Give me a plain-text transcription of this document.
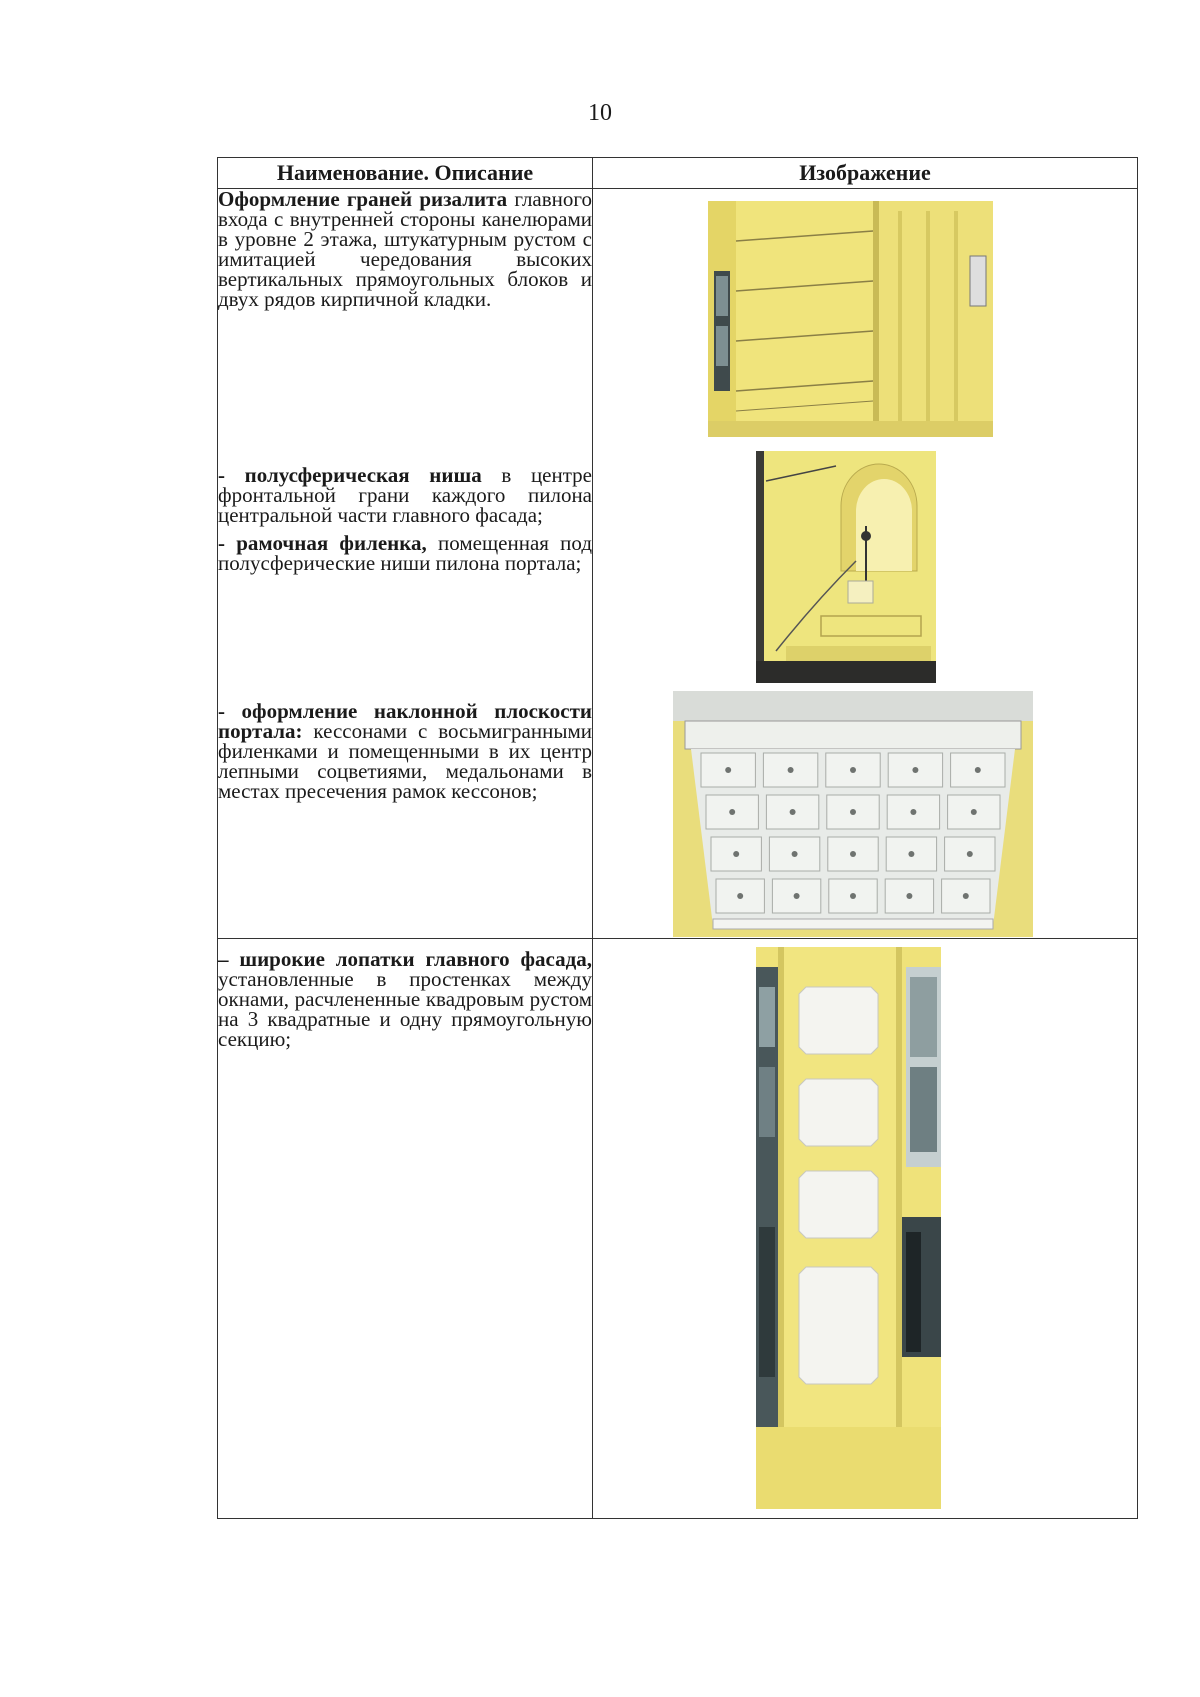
10
Наименование. Описание	Изображение

Оформление граней ризалита главного входа с внутренней стороны канелюрами в уровне 2 этажа, штукатурным рустом с имитацией чередования высоких вертикальных прямоугольных блоков и двух рядов кирпичной кладки.

- полусферическая ниша в центре фронтальной грани каждого пилона центральной части главного фасада;

- рамочная филенка, помещенная под полусферические ниши пилона портала;

- оформление наклонной плоскости портала: кессонами с восьмигранными филенками и помещенными в их центр лепными соцветиями, медальонами в местах пресечения рамок кессонов;

– широкие лопатки главного фасада, установленные в простенках между окнами, расчлененные квадровым рустом на 3 квадратные и одну прямоугольную секцию;
